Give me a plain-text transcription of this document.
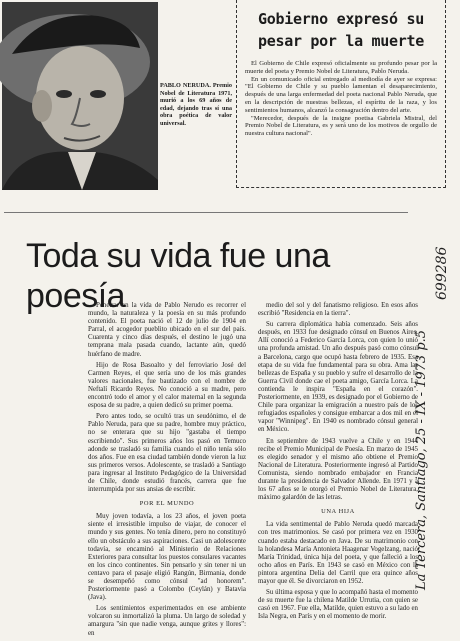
PABLO NERUDA. Premio Nobel de Literatura 1971, murió a los 69 años de edad, dejando tras sí una obra poética de valor universal.
Gobierno expresó su pesar por la muerte

El Gobierno de Chile expresó oficialmente su profundo pesar por la muerte del poeta y Premio Nobel de Literatura, Pablo Neruda.

En un comunicado oficial entregado al mediodía de ayer se expresa: "El Gobierno de Chile y su pueblo lamentan el desaparecimiento, después de una larga enfermedad del poeta nacional Pablo Neruda, que en la descripción de nuestras bellezas, el espíritu de la raza, y los sentimientos humanos, alcanzó la consagración dentro del arte.

"Merecedor, después de la insigne poetisa Gabriela Mistral, del Premio Nobel de Literatura, es y será uno de los motivos de orgullo de nuestra cultura nacional".

Toda su vida fue una poesía

Penetrar en la vida de Pablo Nerudo es recorrer el mundo, la naturaleza y la poesía en su más profundo contenido. El poeta nació el 12 de julio de 1904 en Parral, el acogedor pueblito ubicado en el sur del país. Cuarenta y cinco días después, el destino le jugó una temprana mala pasada cuando, lactante aún, quedó huérfano de madre.

Hijo de Rosa Basoalto y del ferroviario José del Carmen Reyes, el que sería uno de los más grandes valores nacionales, fue bautizado con el nombre de Neftalí Ricardo Reyes. No conoció a su madre, pero encontró todo el amor y el calor maternal en la segunda esposa de su padre, a quien dedicó su primer poema.

Pero antes todo, se ocultó tras un seudónimo, el de Pablo Neruda, para que su padre, hombre muy práctico, no se enterara que su hijo "gastaba el tiempo escribiendo". Sus primeros años los pasó en Temuco adonde se trasladó su familia cuando el niño tenía sólo dos años. Fue en esa ciudad también donde vieron la luz sus primeros versos. Adolescente, se trasladó a Santiago para ingresar al Instituto Pedagógico de la Universidad de Chile, donde estudió francés, carrera que fue interrumpida por sus ansias de escribir.

POR EL MUNDO

Muy joven todavía, a los 23 años, el joven poeta siente el irresistible impulso de viajar, de conocer el mundo y sus gentes. No tenía dinero, pero no constituyó ello un obstáculo a sus aspiraciones. Casi un adolescente todavía, se encaminó al Ministerio de Relaciones Exteriores para consultar los puestos consulares vacantes en los cinco continentes. Sin pensarlo y sin tener ni un centavo para el pasaje eligió Rangún, Birmania, donde se desempeñó como cónsul "ad honorem". Posteriormente pasó a Colombo (Ceylán) y Batavia (Java).

Los sentimientos experimentados en ese ambiente volcaron su inmortalizó la pluma. Un largo de soledad y amargura "sin que nadie venga, aunque grites y llores": en

medio del sol y del fanatismo religioso. En esos años escribió "Residencia en la tierra".

Su carrera diplomática había comenzado. Seis años después, en 1933 fue designado cónsul en Buenos Aires. Allí conoció a Federico García Lorca, con quien lo unió una profunda amistad. Un año después pasó como cónsul a Barcelona, cargo que ocupó hasta febrero de 1935. Esa etapa de su vida fue fundamental para su obra. Ama las bellezas de España y su pueblo y sufre el desarrollo de la Guerra Civil donde cae el poeta amigo, García Lorca. La contienda le inspira "España en el corazón". Posteriormente, en 1939, es designado por el Gobierno de Chile para organizar la emigración a nuestro país de los refugiados españoles y consigue embarcar a dos mil en el vapor "Winnipeg". En 1940 es nombrado cónsul general en México.

En septiembre de 1943 vuelve a Chile y en 1944 recibe el Premio Municipal de Poesía. En marzo de 1945 es elegido senador y el mismo año obtiene el Premio Nacional de Literatura. Posteriormente ingresó al Partido Comunista, siendo nombrado embajador en Francia durante la presidencia de Salvador Allende. En 1971 y a los 67 años se le otorgó el Premio Nobel de Literatura, máximo galardón de las letras.

UNA HIJA

La vida sentimental de Pablo Neruda quedó marcada con tres matrimonios. Se casó por primera vez en 1930 cuando estaba destacado en Java. De su matrimonio con la holandesa María Antonieta Haagenar Vogelzang, nació María Trinidad, única hija del poeta, y que falleció a los ocho años en París. En 1943 se casó en México con la pintora argentina Delia del Carril que era quince años mayor que él. Se divorciaron en 1952.

Su última esposa y que lo acompañó hasta el momento de su muerte fue la chilena Matilde Urrutia, con quien se casó en 1967. Fue ella, Matilde, quien estuvo a su lado en Isla Negra, en París y en el momento de morir.

La Tercera, Santiago, 25 - IX - 1973 p.5
699286
